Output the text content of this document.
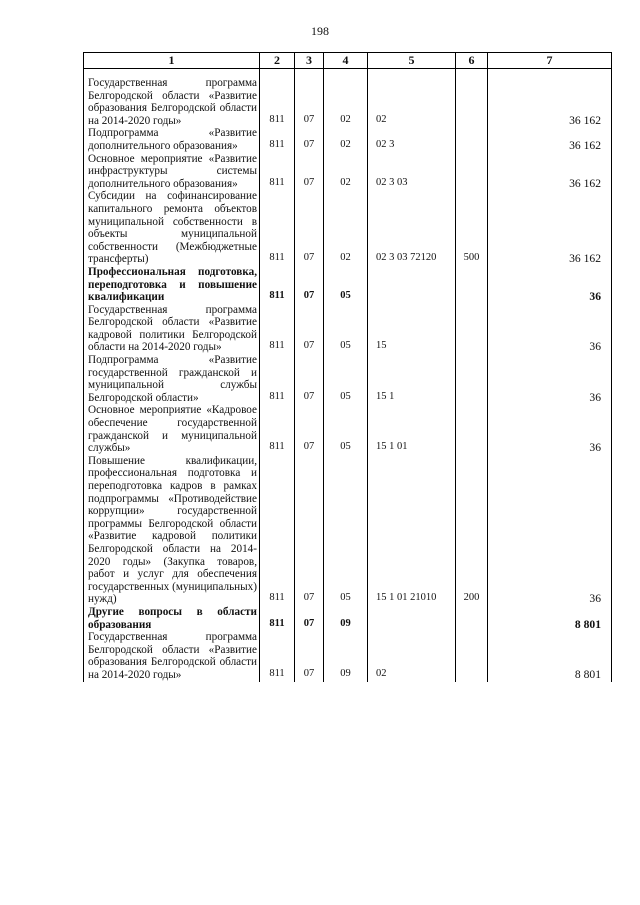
198
1	2	3	4	5	6	7
Государственная программа Белгородской области «Развитие образования Белгородской области на 2014-2020 годы»	811	07	02	02		36 162
Подпрограмма «Развитие дополнительного образования»	811	07	02	02 3		36 162
Основное мероприятие «Развитие инфраструктуры системы дополнительного образования»	811	07	02	02 3 03		36 162
Субсидии на софинансирование капитального ремонта объектов муниципальной собственности в объекты муниципальной собственности (Межбюджетные трансферты)	811	07	02	02 3 03 72120	500	36 162
Профессиональная подготовка, переподготовка и повышение квалификации	811	07	05			36
Государственная программа Белгородской области «Развитие кадровой политики Белгородской области на 2014-2020 годы»	811	07	05	15		36
Подпрограмма «Развитие государственной гражданской и муниципальной службы Белгородской области»	811	07	05	15 1		36
Основное мероприятие «Кадровое обеспечение государственной гражданской и муниципальной службы»	811	07	05	15 1 01		36
Повышение квалификации, профессиональная подготовка и переподготовка кадров в рамках подпрограммы «Противодействие коррупции» государственной программы Белгородской области «Развитие кадровой политики Белгородской области на 2014-2020 годы» (Закупка товаров, работ и услуг для обеспечения государственных (муниципальных) нужд)	811	07	05	15 1 01 21010	200	36
Другие вопросы в области образования	811	07	09			8 801
Государственная программа Белгородской области «Развитие образования Белгородской области на 2014-2020 годы»	811	07	09	02		8 801
